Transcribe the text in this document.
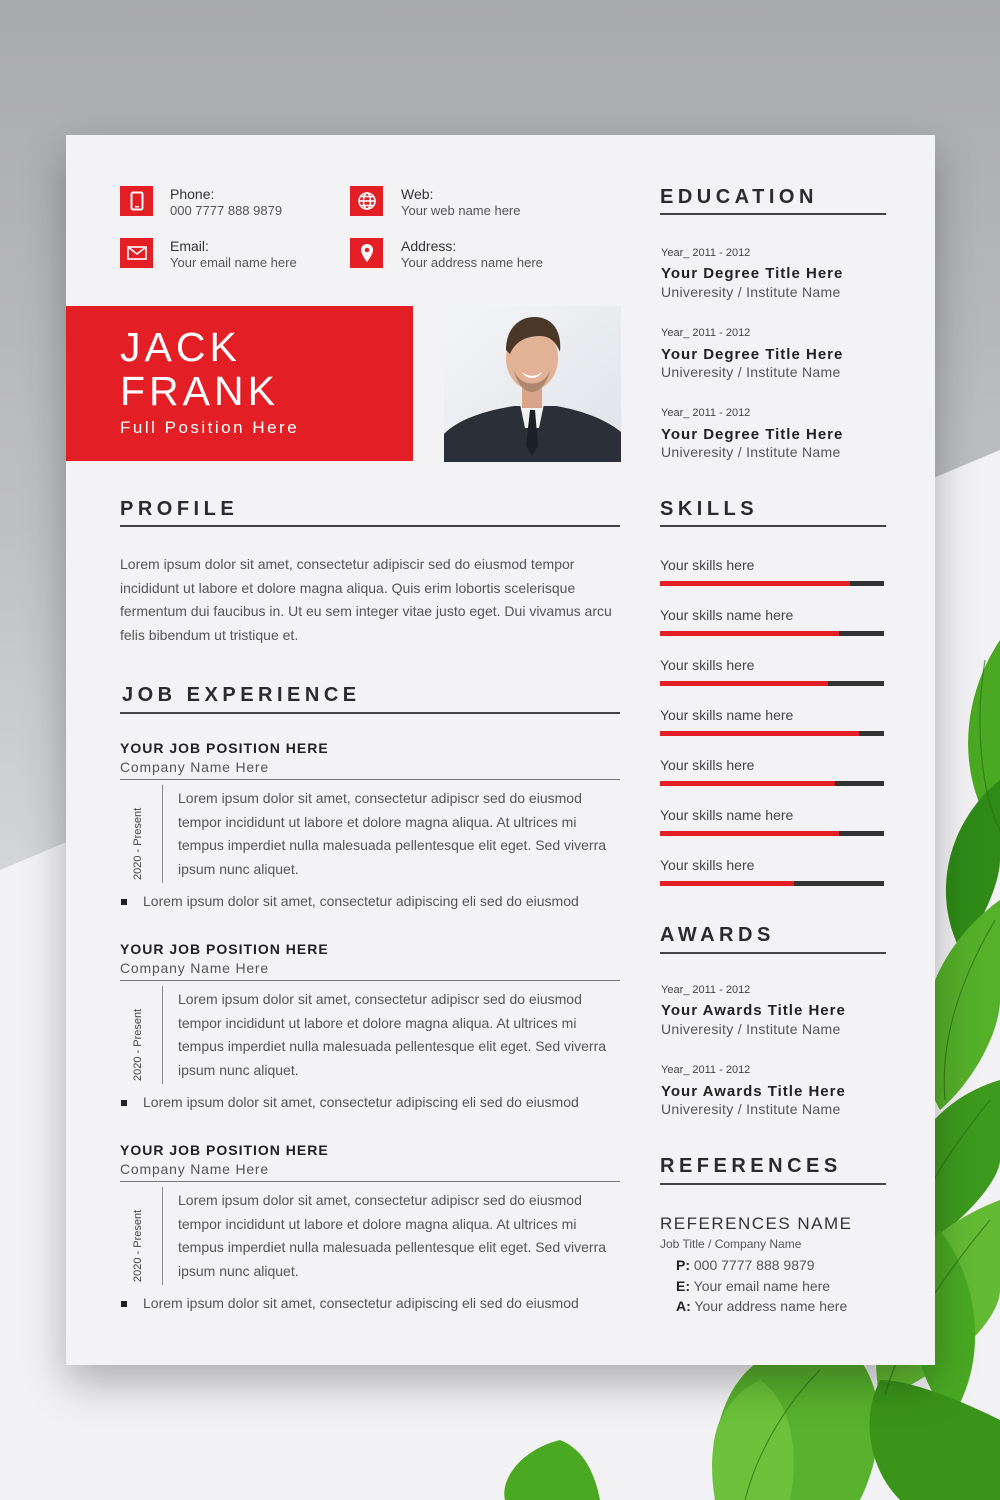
Phone:
000 7777 888 9879
Web:
Your web name here
Email:
Your email name here
Address:
Your address name here
JACK
FRANK
Full Position Here
PROFILE
Lorem ipsum dolor sit amet, consectetur adipiscir sed do eiusmod tempor incididunt ut labore et dolore magna aliqua. Quis erim lobortis scelerisque fermentum dui faucibus in. Ut eu sem integer vitae justo eget. Dui vivamus arcu felis bibendum ut tristique et.
JOB EXPERIENCE
YOUR JOB POSITION HERE
Company Name Here
2020 - Present
Lorem ipsum dolor sit amet, consectetur adipiscr sed do eiusmod tempor incididunt ut labore et dolore magna aliqua. At ultrices mi tempus imperdiet nulla malesuada pellentesque elit eget. Sed viverra ipsum nunc aliquet.
Lorem ipsum dolor sit amet, consectetur adipiscing eli sed do eiusmod
YOUR JOB POSITION HERE
Company Name Here
2020 - Present
Lorem ipsum dolor sit amet, consectetur adipiscr sed do eiusmod tempor incididunt ut labore et dolore magna aliqua. At ultrices mi tempus imperdiet nulla malesuada pellentesque elit eget. Sed viverra ipsum nunc aliquet.
Lorem ipsum dolor sit amet, consectetur adipiscing eli sed do eiusmod
YOUR JOB POSITION HERE
Company Name Here
2020 - Present
Lorem ipsum dolor sit amet, consectetur adipiscr sed do eiusmod tempor incididunt ut labore et dolore magna aliqua. At ultrices mi tempus imperdiet nulla malesuada pellentesque elit eget. Sed viverra ipsum nunc aliquet.
Lorem ipsum dolor sit amet, consectetur adipiscing eli sed do eiusmod
EDUCATION
Year_ 2011 - 2012
Your Degree Title Here
Univeresity / Institute Name
Year_ 2011 - 2012
Your Degree Title Here
Univeresity / Institute Name
Year_ 2011 - 2012
Your Degree Title Here
Univeresity / Institute Name
SKILLS
Your skills here
Your skills name here
Your skills here
Your skills name here
Your skills here
Your skills name here
Your skills here
AWARDS
Year_ 2011 - 2012
Your Awards Title Here
Univeresity / Institute Name
Year_ 2011 - 2012
Your Awards Title Here
Univeresity / Institute Name
REFERENCES
REFERENCES NAME
Job Title / Company Name
P: 000 7777 888 9879
E: Your email name here
A: Your address name here
